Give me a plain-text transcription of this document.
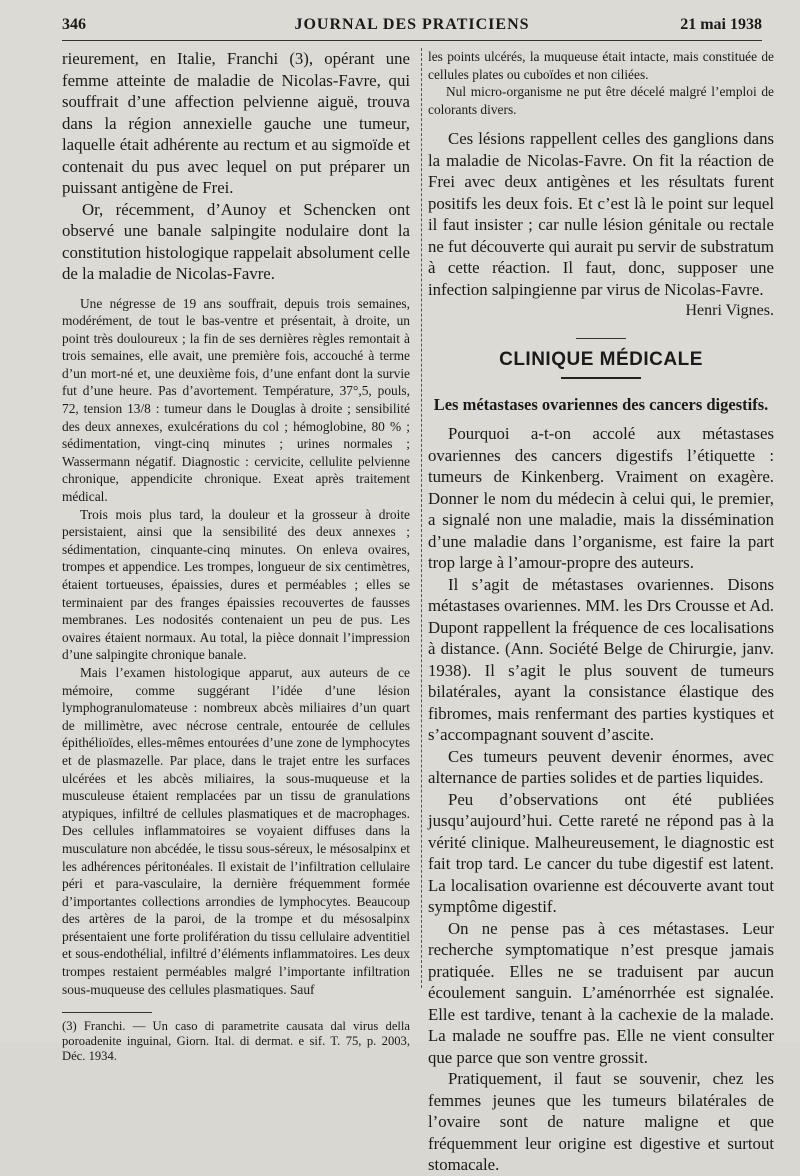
346	JOURNAL DES PRATICIENS	21 mai 1938

rieurement, en Italie, Franchi (3), opérant une femme atteinte de maladie de Nicolas-Favre, qui souffrait d’une affection pelvienne aiguë, trouva dans la région annexielle gauche une tumeur, laquelle était adhérente au rectum et au sigmoïde et contenait du pus avec lequel on put préparer un puissant antigène de Frei.

Or, récemment, d’Aunoy et Schencken ont observé une banale salpingite nodulaire dont la constitution histologique rappelait absolument celle de la maladie de Nicolas-Favre.

Une négresse de 19 ans souffrait, depuis trois semaines, modérément, de tout le bas-ventre et présentait, à droite, un point très douloureux ; la fin de ses dernières règles remontait à trois semaines, elle avait, une première fois, accouché à terme d’un mort-né et, une deuxième fois, d’une enfant dont la survie fut d’une heure. Pas d’avortement. Température, 37°,5, pouls, 72, tension 13/8 : tumeur dans le Douglas à droite ; sensibilité des deux annexes, exulcérations du col ; hémoglobine, 80 % ; sédimentation, vingt-cinq minutes ; urines normales ; Wassermann négatif. Diagnostic : cervicite, cellulite pelvienne chronique, appendicite chronique. Exeat après traitement médical.

Trois mois plus tard, la douleur et la grosseur à droite persistaient, ainsi que la sensibilité des deux annexes ; sédimentation, cinquante-cinq minutes. On enleva ovaires, trompes et appendice. Les trompes, longueur de six centimètres, étaient tortueuses, épaissies, dures et perméables ; elles se terminaient par des franges épaissies recouvertes de fausses membranes. Les nodosités contenaient un peu de pus. Les ovaires étaient normaux. Au total, la pièce donnait l’impression d’une salpingite chronique banale.

Mais l’examen histologique apparut, aux auteurs de ce mémoire, comme suggérant l’idée d’une lésion lymphogranulomateuse : nombreux abcès miliaires d’un quart de millimètre, avec nécrose centrale, entourée de cellules épithélioïdes, elles-mêmes entourées d’une zone de lymphocytes et de plasmazelle. Par place, dans le trajet entre les surfaces ulcérées et les abcès miliaires, la sous-muqueuse et la musculeuse étaient remplacées par un tissu de granulations atypiques, infiltré de cellules plasmatiques et de macrophages. Des cellules inflammatoires se voyaient diffuses dans la musculature non abcédée, le tissu sous-séreux, le mésosalpinx et les adhérences péritonéales. Il existait de l’infiltration cellulaire péri et para-vasculaire, la dernière fréquemment formée d’importantes collections arrondies de lymphocytes. Beaucoup des artères de la paroi, de la trompe et du mésosalpinx présentaient une forte prolifération du tissu cellulaire adventitiel et sous-endothélial, infiltré d’éléments inflammatoires. Les deux trompes restaient perméables malgré l’importante infiltration sous-muqueuse des cellules plasmatiques. Sauf

(3) Franchi. — Un caso di parametrite causata dal virus della poroadenite inguinal, Giorn. Ital. di dermat. e sif. T. 75, p. 2003, Déc. 1934.

les points ulcérés, la muqueuse était intacte, mais constituée de cellules plates ou cuboïdes et non ciliées.

Nul micro-organisme ne put être décelé malgré l’emploi de colorants divers.

Ces lésions rappellent celles des ganglions dans la maladie de Nicolas-Favre. On fit la réaction de Frei avec deux antigènes et les résultats furent positifs les deux fois. Et c’est là le point sur lequel il faut insister ; car nulle lésion génitale ou rectale ne fut découverte qui aurait pu servir de substratum à cette réaction. Il faut, donc, supposer une infection salpingienne par virus de Nicolas-Favre.

Henri Vignes.
CLINIQUE MÉDICALE
Les métastases ovariennes des cancers digestifs.

Pourquoi a-t-on accolé aux métastases ovariennes des cancers digestifs l’étiquette : tumeurs de Kinkenberg. Vraiment on exagère. Donner le nom du médecin à celui qui, le premier, a signalé non une maladie, mais la dissémination d’une maladie dans l’organisme, est faire la part trop large à l’amour-propre des auteurs.

Il s’agit de métastases ovariennes. Disons métastases ovariennes. MM. les Drs Crousse et Ad. Dupont rappellent la fréquence de ces localisations à distance. (Ann. Société Belge de Chirurgie, janv. 1938). Il s’agit le plus souvent de tumeurs bilatérales, ayant la consistance élastique des fibromes, mais renfermant des parties kystiques et s’accompagnant souvent d’ascite.

Ces tumeurs peuvent devenir énormes, avec alternance de parties solides et de parties liquides.

Peu d’observations ont été publiées jusqu’aujourd’hui. Cette rareté ne répond pas à la vérité clinique. Malheureusement, le diagnostic est fait trop tard. Le cancer du tube digestif est latent. La localisation ovarienne est découverte avant tout symptôme digestif.

On ne pense pas à ces métastases. Leur recherche symptomatique n’est presque jamais pratiquée. Elles ne se traduisent par aucun écoulement sanguin. L’aménorrhée est signalée. Elle est tardive, tenant à la cachexie de la malade. La malade ne souffre pas. Elle ne vient consulter que parce que son ventre grossit.

Pratiquement, il faut se souvenir, chez les femmes jeunes que les tumeurs bilatérales de l’ovaire sont de nature maligne et que fréquemment leur origine est digestive et surtout stomacale.
